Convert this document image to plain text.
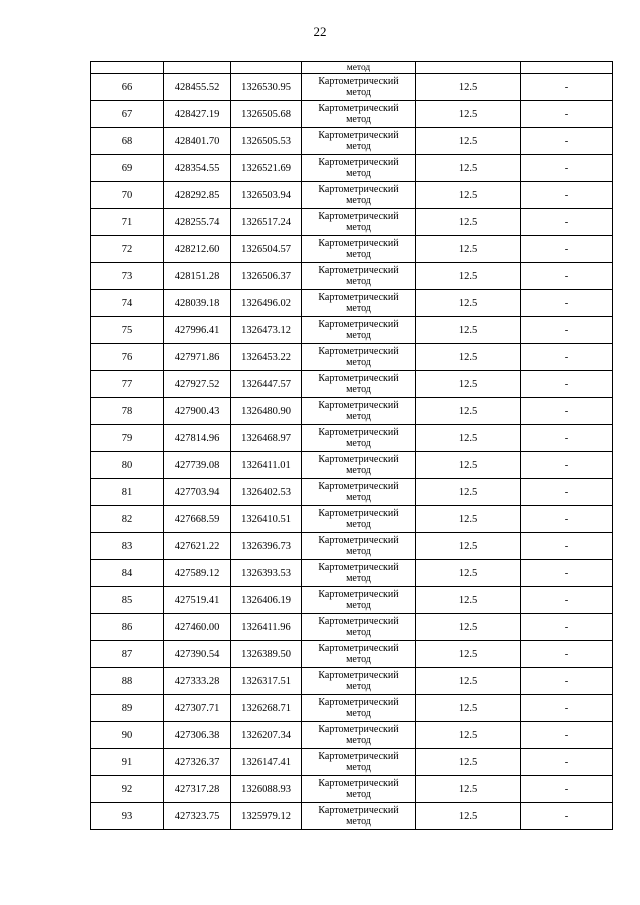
22
			метод		
66	428455.52	1326530.95	Картометрический
метод	12.5	-
67	428427.19	1326505.68	Картометрический
метод	12.5	-
68	428401.70	1326505.53	Картометрический
метод	12.5	-
69	428354.55	1326521.69	Картометрический
метод	12.5	-
70	428292.85	1326503.94	Картометрический
метод	12.5	-
71	428255.74	1326517.24	Картометрический
метод	12.5	-
72	428212.60	1326504.57	Картометрический
метод	12.5	-
73	428151.28	1326506.37	Картометрический
метод	12.5	-
74	428039.18	1326496.02	Картометрический
метод	12.5	-
75	427996.41	1326473.12	Картометрический
метод	12.5	-
76	427971.86	1326453.22	Картометрический
метод	12.5	-
77	427927.52	1326447.57	Картометрический
метод	12.5	-
78	427900.43	1326480.90	Картометрический
метод	12.5	-
79	427814.96	1326468.97	Картометрический
метод	12.5	-
80	427739.08	1326411.01	Картометрический
метод	12.5	-
81	427703.94	1326402.53	Картометрический
метод	12.5	-
82	427668.59	1326410.51	Картометрический
метод	12.5	-
83	427621.22	1326396.73	Картометрический
метод	12.5	-
84	427589.12	1326393.53	Картометрический
метод	12.5	-
85	427519.41	1326406.19	Картометрический
метод	12.5	-
86	427460.00	1326411.96	Картометрический
метод	12.5	-
87	427390.54	1326389.50	Картометрический
метод	12.5	-
88	427333.28	1326317.51	Картометрический
метод	12.5	-
89	427307.71	1326268.71	Картометрический
метод	12.5	-
90	427306.38	1326207.34	Картометрический
метод	12.5	-
91	427326.37	1326147.41	Картометрический
метод	12.5	-
92	427317.28	1326088.93	Картометрический
метод	12.5	-
93	427323.75	1325979.12	Картометрический
метод	12.5	-
